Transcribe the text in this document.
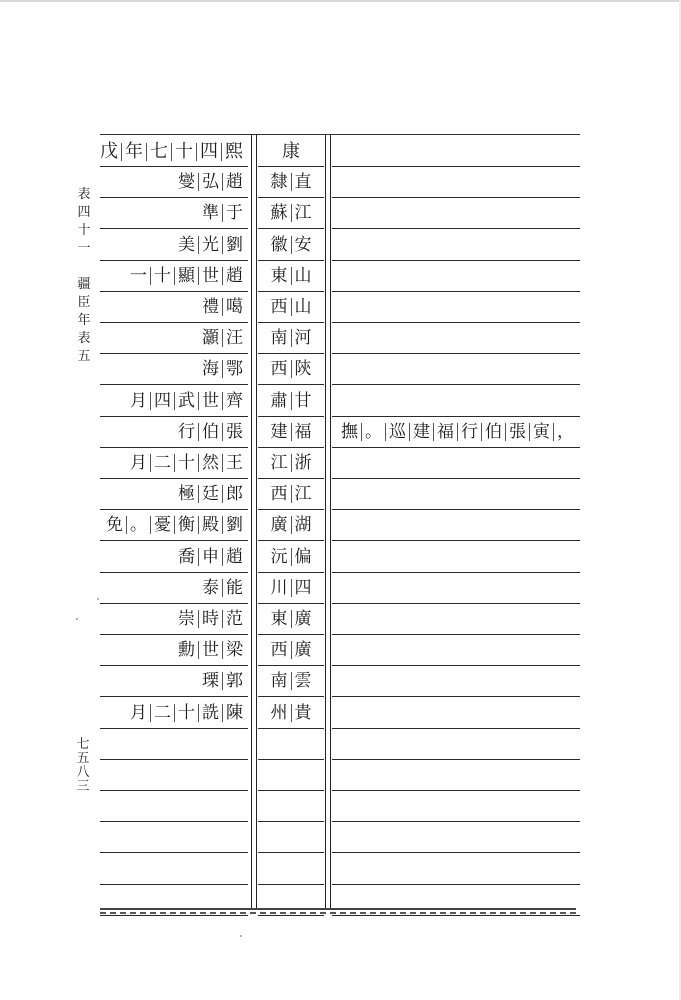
表
四
十
一

疆
臣
年
表
五
七
五
八
三
戊 年 七 十 四 熙 康
燮 弘 趙 隸 直
準 于 蘇 江
美 光 劉 徽 安
一 十 顯 世 趙 東 山
禮 噶 西 山
灝 汪 南 河
海 鄂 西 陝
月 四 武 世 齊 肅 甘
行 伯 張 建 福 撫 。 巡 建 福 行 伯 張 寅 ，
月 二 十 然 王 江 浙
極 廷 郎 西 江
免 。 憂 衡 殿 劉 廣 湖
喬 申 趙 沅 偏
泰 能 川 四
崇 時 范 東 廣
勳 世 梁 西 廣
瑮 郭 南 雲
月 二 十 詵 陳 州 貴
